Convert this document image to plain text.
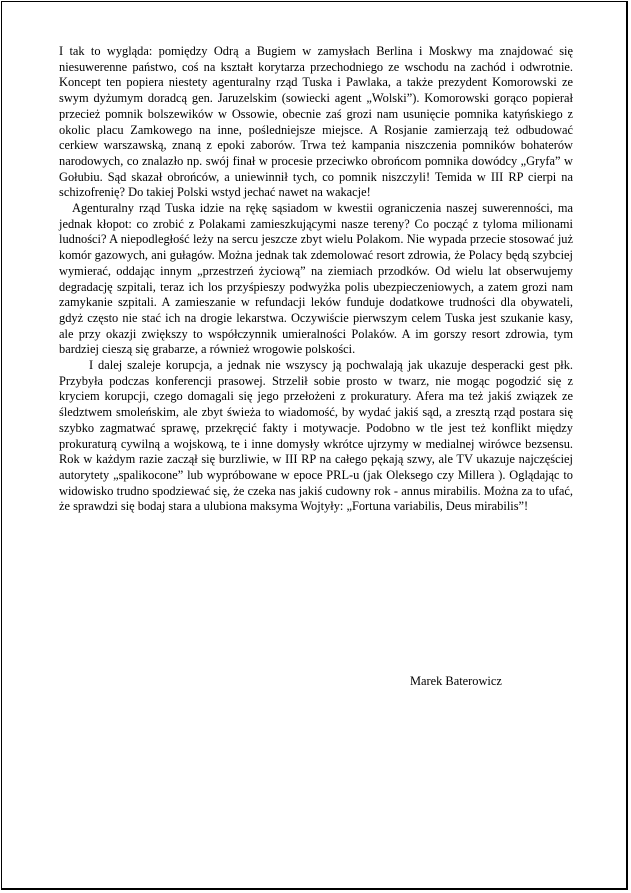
I tak to wygląda: pomiędzy Odrą a Bugiem w zamysłach Berlina i Moskwy ma znajdować się niesuwerenne państwo, coś na kształt korytarza przechodniego ze wschodu na zachód i odwrotnie. Koncept ten popiera niestety agenturalny rząd Tuska i Pawlaka, a także prezydent Komorowski ze swym dyżumym doradcą gen. Jaruzelskim (sowiecki agent „Wolski”). Komorowski gorąco popierał przecież pomnik bolszewików w Ossowie, obecnie zaś grozi nam usunięcie pomnika katyńskiego z okolic placu Zamkowego na inne, pośledniejsze miejsce. A Rosjanie zamierzają też odbudować cerkiew warszawską, znaną z epoki zaborów. Trwa też kampania niszczenia pomników bohaterów narodowych, co znalazło np. swój finał w procesie przeciwko obrońcom pomnika dowódcy „Gryfa” w Gołubiu. Sąd skazał obrońców, a uniewinnił tych, co pomnik niszczyli! Temida w III RP cierpi na schizofrenię? Do takiej Polski wstyd jechać nawet na wakacje!

Agenturalny rząd Tuska idzie na rękę sąsiadom w kwestii ograniczenia naszej suwerenności, ma jednak kłopot: co zrobić z Polakami zamieszkującymi nasze tereny? Co począć z tyloma milionami ludności? A niepodległość leży na sercu jeszcze zbyt wielu Polakom. Nie wypada przecie stosować już komór gazowych, ani gułagów. Można jednak tak zdemolować resort zdrowia, że Polacy będą szybciej wymierać, oddając innym „przestrzeń życiową” na ziemiach przodków. Od wielu lat obserwujemy degradację szpitali, teraz ich los przyśpieszy podwyżka polis ubezpieczeniowych, a zatem grozi nam zamykanie szpitali. A zamieszanie w refundacji leków funduje dodatkowe trudności dla obywateli, gdyż często nie stać ich na drogie lekarstwa. Oczywiście pierwszym celem Tuska jest szukanie kasy, ale przy okazji zwiększy to współczynnik umieralności Polaków. A im gorszy resort zdrowia, tym bardziej cieszą się grabarze, a również wrogowie polskości.

I dalej szaleje korupcja, a jednak nie wszyscy ją pochwalają jak ukazuje desperacki gest płk. Przybyła podczas konferencji prasowej. Strzelił sobie prosto w twarz, nie mogąc pogodzić się z kryciem korupcji, czego domagali się jego przełożeni z prokuratury. Afera ma też jakiś związek ze śledztwem smoleńskim, ale zbyt świeża to wiadomość, by wydać jakiś sąd, a zresztą rząd postara się szybko zagmatwać sprawę, przekręcić fakty i motywacje. Podobno w tle jest też konflikt między prokuraturą cywilną a wojskową, te i inne domysły wkrótce ujrzymy w medialnej wirówce bezsensu. Rok w każdym razie zaczął się burzliwie, w III RP na całego pękają szwy, ale TV ukazuje najczęściej autorytety „spalikocone” lub wypróbowane w epoce PRL-u (jak Oleksego czy Millera ). Oglądając to widowisko trudno spodziewać się, że czeka nas jakiś cudowny rok - annus mirabilis. Można za to ufać, że sprawdzi się bodaj stara a ulubiona maksyma Wojtyły: „Fortuna variabilis, Deus mirabilis”!

Marek Baterowicz
